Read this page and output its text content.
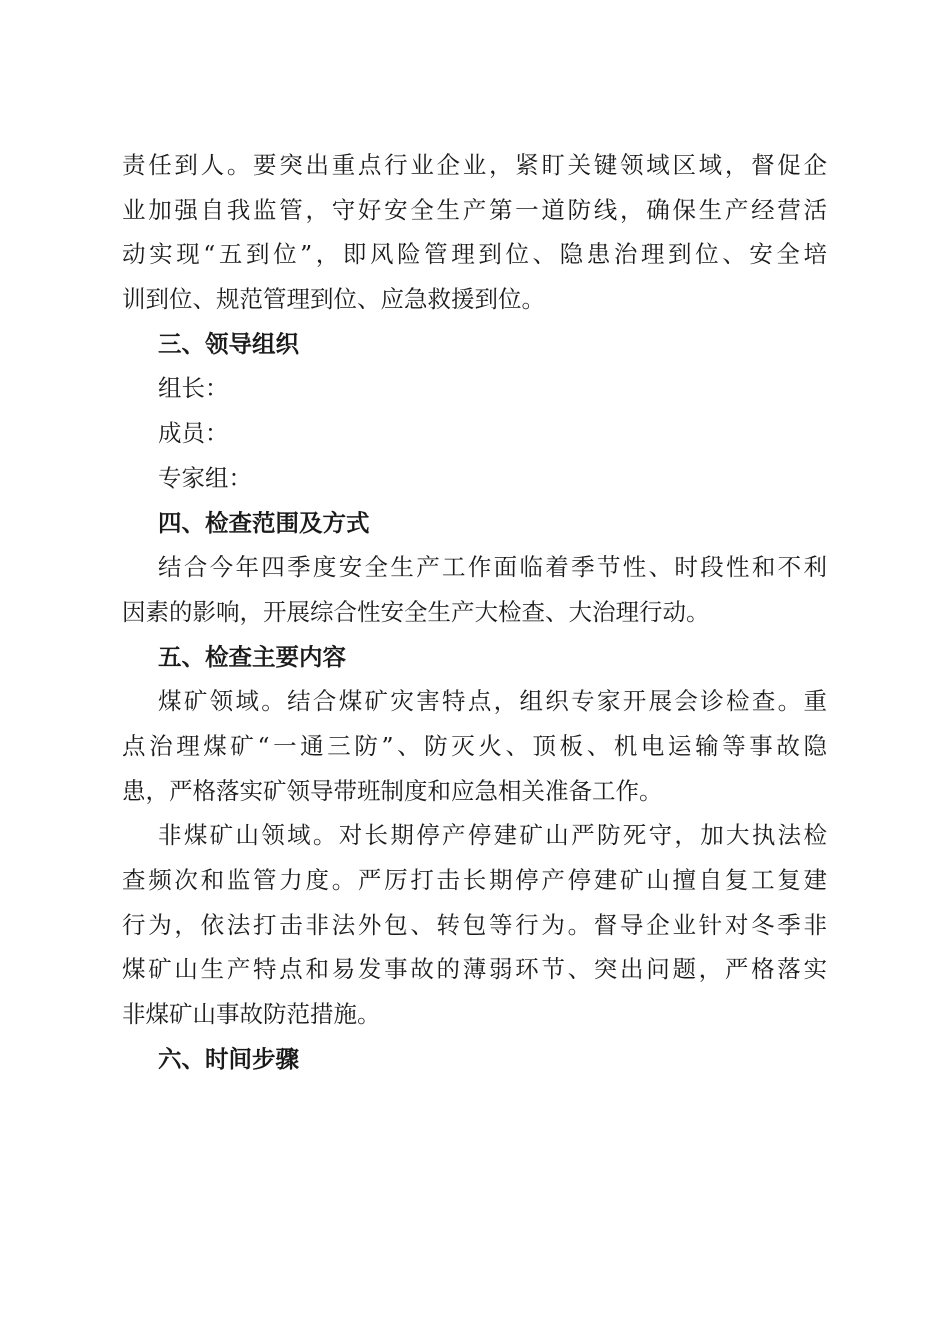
责任到人。要突出重点行业企业，紧盯关键领域区域，督促企
业加强自我监管，守好安全生产第一道防线，确保生产经营活
动实现“五到位”，即风险管理到位、隐患治理到位、安全培
训到位、规范管理到位、应急救援到位。
三、领导组织
组长：
成员：
专家组：
四、检查范围及方式
结合今年四季度安全生产工作面临着季节性、时段性和不利
因素的影响，开展综合性安全生产大检查、大治理行动。
五、检查主要内容
煤矿领域。结合煤矿灾害特点，组织专家开展会诊检查。重
点治理煤矿“一通三防”、防灭火、顶板、机电运输等事故隐
患，严格落实矿领导带班制度和应急相关准备工作。
非煤矿山领域。对长期停产停建矿山严防死守，加大执法检
查频次和监管力度。严厉打击长期停产停建矿山擅自复工复建
行为，依法打击非法外包、转包等行为。督导企业针对冬季非
煤矿山生产特点和易发事故的薄弱环节、突出问题，严格落实
非煤矿山事故防范措施。
六、时间步骤
